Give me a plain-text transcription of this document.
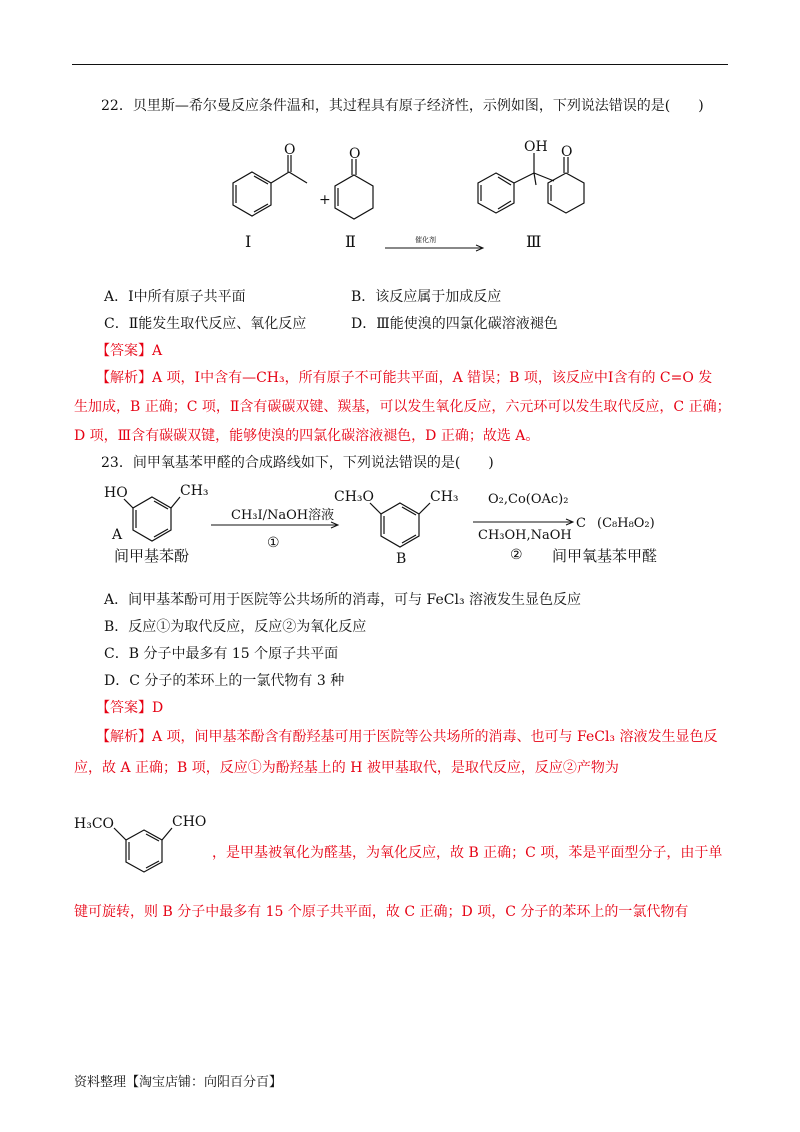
22．贝里斯—希尔曼反应条件温和，其过程具有原子经济性，示例如图，下列说法错误的是(　　)
O
Ⅰ
+
O
Ⅱ	催化剂
OH O
Ⅲ
A．Ⅰ中所有原子共平面	B．该反应属于加成反应
C．Ⅱ能发生取代反应、氧化反应	D．Ⅲ能使溴的四氯化碳溶液褪色
【答案】A
【解析】A 项，Ⅰ中含有—CH₃，所有原子不可能共平面，A 错误；B 项，该反应中Ⅰ含有的 C=O 发
生加成，B 正确；C 项，Ⅱ含有碳碳双键、羰基，可以发生氧化反应，六元环可以发生取代反应，C 正确；
D 项，Ⅲ含有碳碳双键，能够使溴的四氯化碳溶液褪色，D 正确；故选 A。
23．间甲氧基苯甲醛的合成路线如下，下列说法错误的是(　　)
HO	CH₃
A
间甲基苯酚
CH₃I/NaOH溶液
①
CH₃O	CH₃
B
O₂,Co(OAc)₂
CH₃OH,NaOH
②
C (C₈H₈O₂)
间甲氧基苯甲醛
A．间甲基苯酚可用于医院等公共场所的消毒，可与 FeCl₃ 溶液发生显色反应
B．反应①为取代反应，反应②为氧化反应
C．B 分子中最多有 15 个原子共平面
D．C 分子的苯环上的一氯代物有 3 种
【答案】D
【解析】A 项，间甲基苯酚含有酚羟基可用于医院等公共场所的消毒、也可与 FeCl₃ 溶液发生显色反
应，故 A 正确；B 项，反应①为酚羟基上的 H 被甲基取代，是取代反应，反应②产物为
H₃CO	CHO
，是甲基被氧化为醛基，为氧化反应，故 B 正确；C 项，苯是平面型分子，由于单
键可旋转，则 B 分子中最多有 15 个原子共平面，故 C 正确；D 项，C 分子的苯环上的一氯代物有
资料整理【淘宝店铺：向阳百分百】
